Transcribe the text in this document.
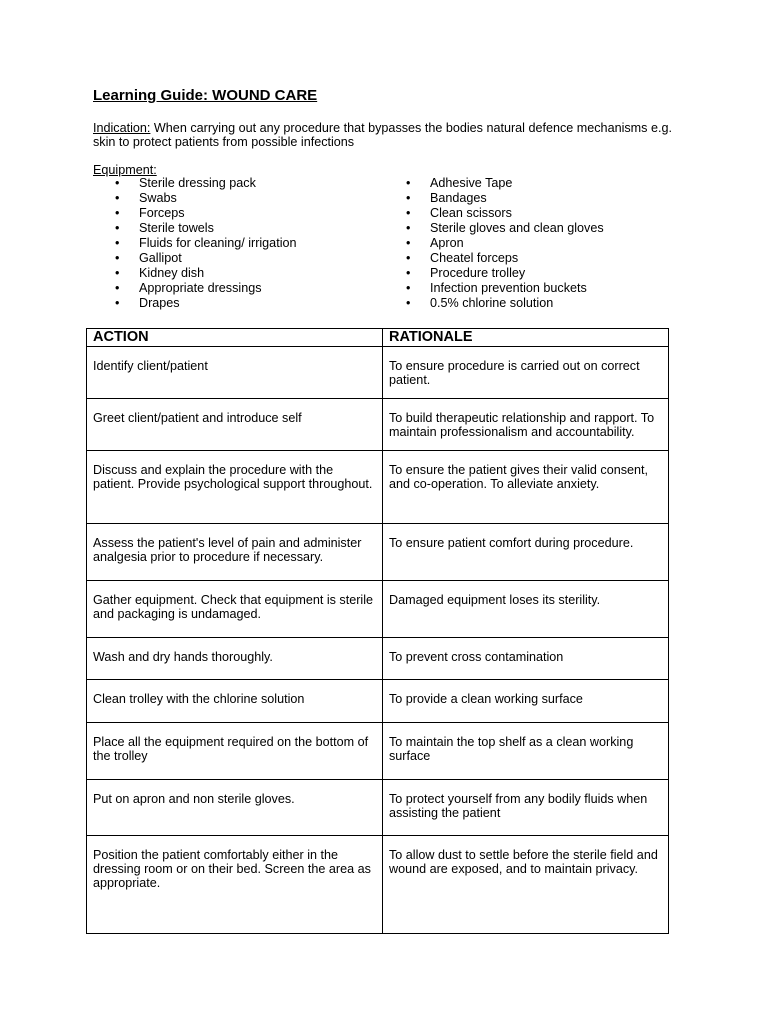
Learning Guide: WOUND CARE
Indication: When carrying out any procedure that bypasses the bodies natural defence mechanisms e.g. skin to protect patients from possible infections
Equipment:
• Sterile dressing pack
• Swabs
• Forceps
• Sterile towels
• Fluids for cleaning/ irrigation
• Gallipot
• Kidney dish
• Appropriate dressings
• Drapes
• Adhesive Tape
• Bandages
• Clean scissors
• Sterile gloves and clean gloves
• Apron
• Cheatel forceps
• Procedure trolley
• Infection prevention buckets
• 0.5% chlorine solution
ACTION	RATIONALE
Identify client/patient	To ensure procedure is carried out on correct patient.
Greet client/patient and introduce self	To build therapeutic relationship and rapport. To maintain professionalism and accountability.
Discuss and explain the procedure with the patient. Provide psychological support throughout.	To ensure the patient gives their valid consent, and co-operation. To alleviate anxiety.
Assess the patient's level of pain and administer analgesia prior to procedure if necessary.	To ensure patient comfort during procedure.
Gather equipment. Check that equipment is sterile and packaging is undamaged.	Damaged equipment loses its sterility.
Wash and dry hands thoroughly.	To prevent cross contamination
Clean trolley with the chlorine solution	To provide a clean working surface
Place all the equipment required on the bottom of the trolley	To maintain the top shelf as a clean working surface
Put on apron and non sterile gloves.	To protect yourself from any bodily fluids when assisting the patient
Position the patient comfortably either in the dressing room or on their bed. Screen the area as appropriate.	To allow dust to settle before the sterile field and wound are exposed, and to maintain privacy.
